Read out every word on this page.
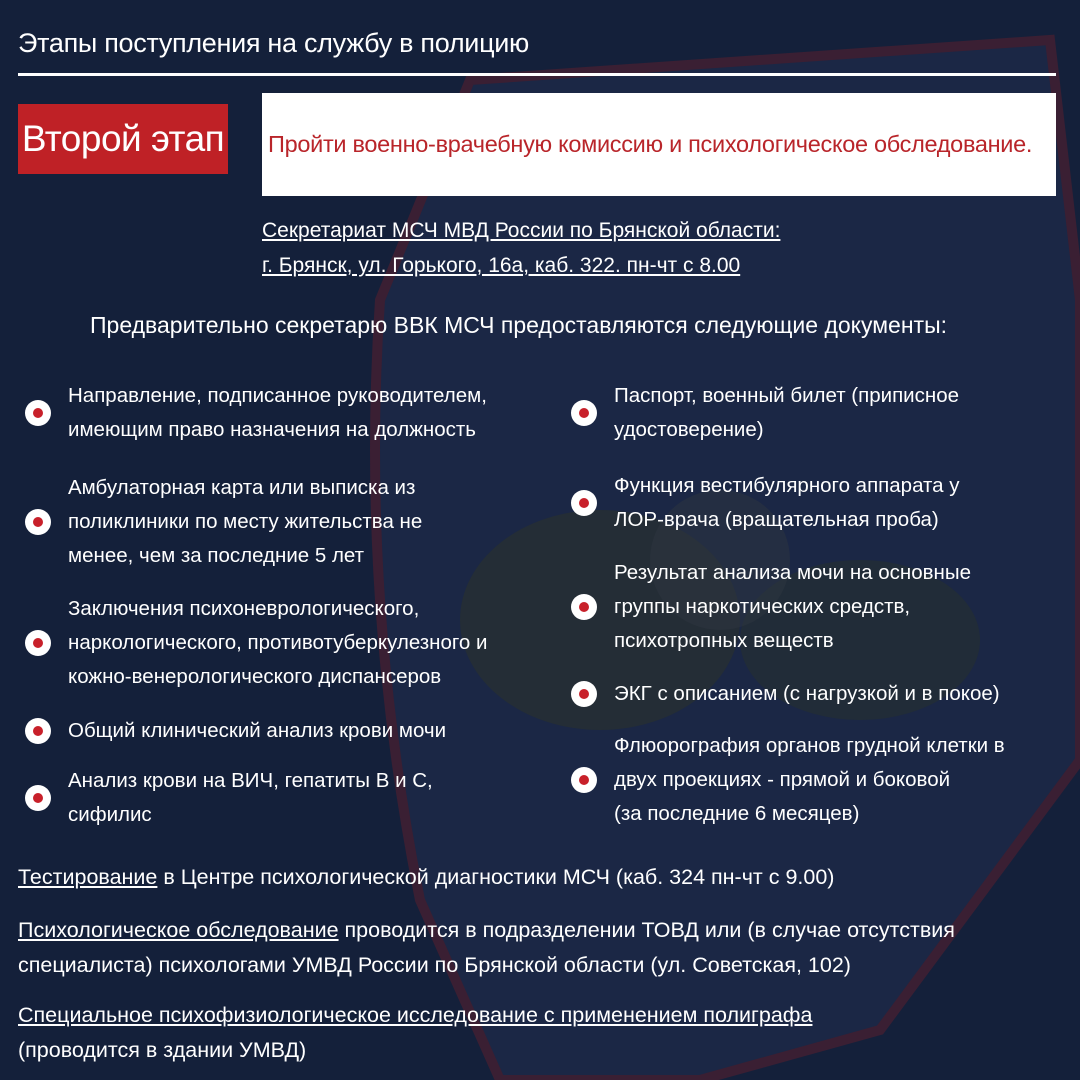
Этапы поступления на службу в полицию
Второй этап Пройти военно-врачебную комиссию и психологическое обследование.
Секретариат МСЧ МВД России по Брянской области:
г. Брянск, ул. Горького, 16а, каб. 322. пн-чт с 8.00
Предварительно секретарю ВВК МСЧ предоставляются следующие документы:
Направление, подписанное руководителем,
имеющим право назначения на должность
Амбулаторная карта или выписка из
поликлиники по месту жительства не
менее, чем за последние 5 лет
Заключения психоневрологического,
наркологического, противотуберкулезного и
кожно-венерологического диспансеров
Общий клинический анализ крови мочи
Анализ крови на ВИЧ, гепатиты В и С,
сифилис
Паспорт, военный билет (приписное
удостоверение)
Функция вестибулярного аппарата у
ЛОР-врача (вращательная проба)
Результат анализа мочи на основные
группы наркотических средств,
психотропных веществ
ЭКГ с описанием (с нагрузкой и в покое)
Флюорография органов грудной клетки в
двух проекциях - прямой и боковой
(за последние 6 месяцев)
Тестирование в Центре психологической диагностики МСЧ (каб. 324 пн-чт с 9.00)
Психологическое обследование проводится в подразделении ТОВД или (в случае отсутствия
специалиста) психологами УМВД России по Брянской области (ул. Советская, 102)
Специальное психофизиологическое исследование с применением полиграфа
(проводится в здании УМВД)
